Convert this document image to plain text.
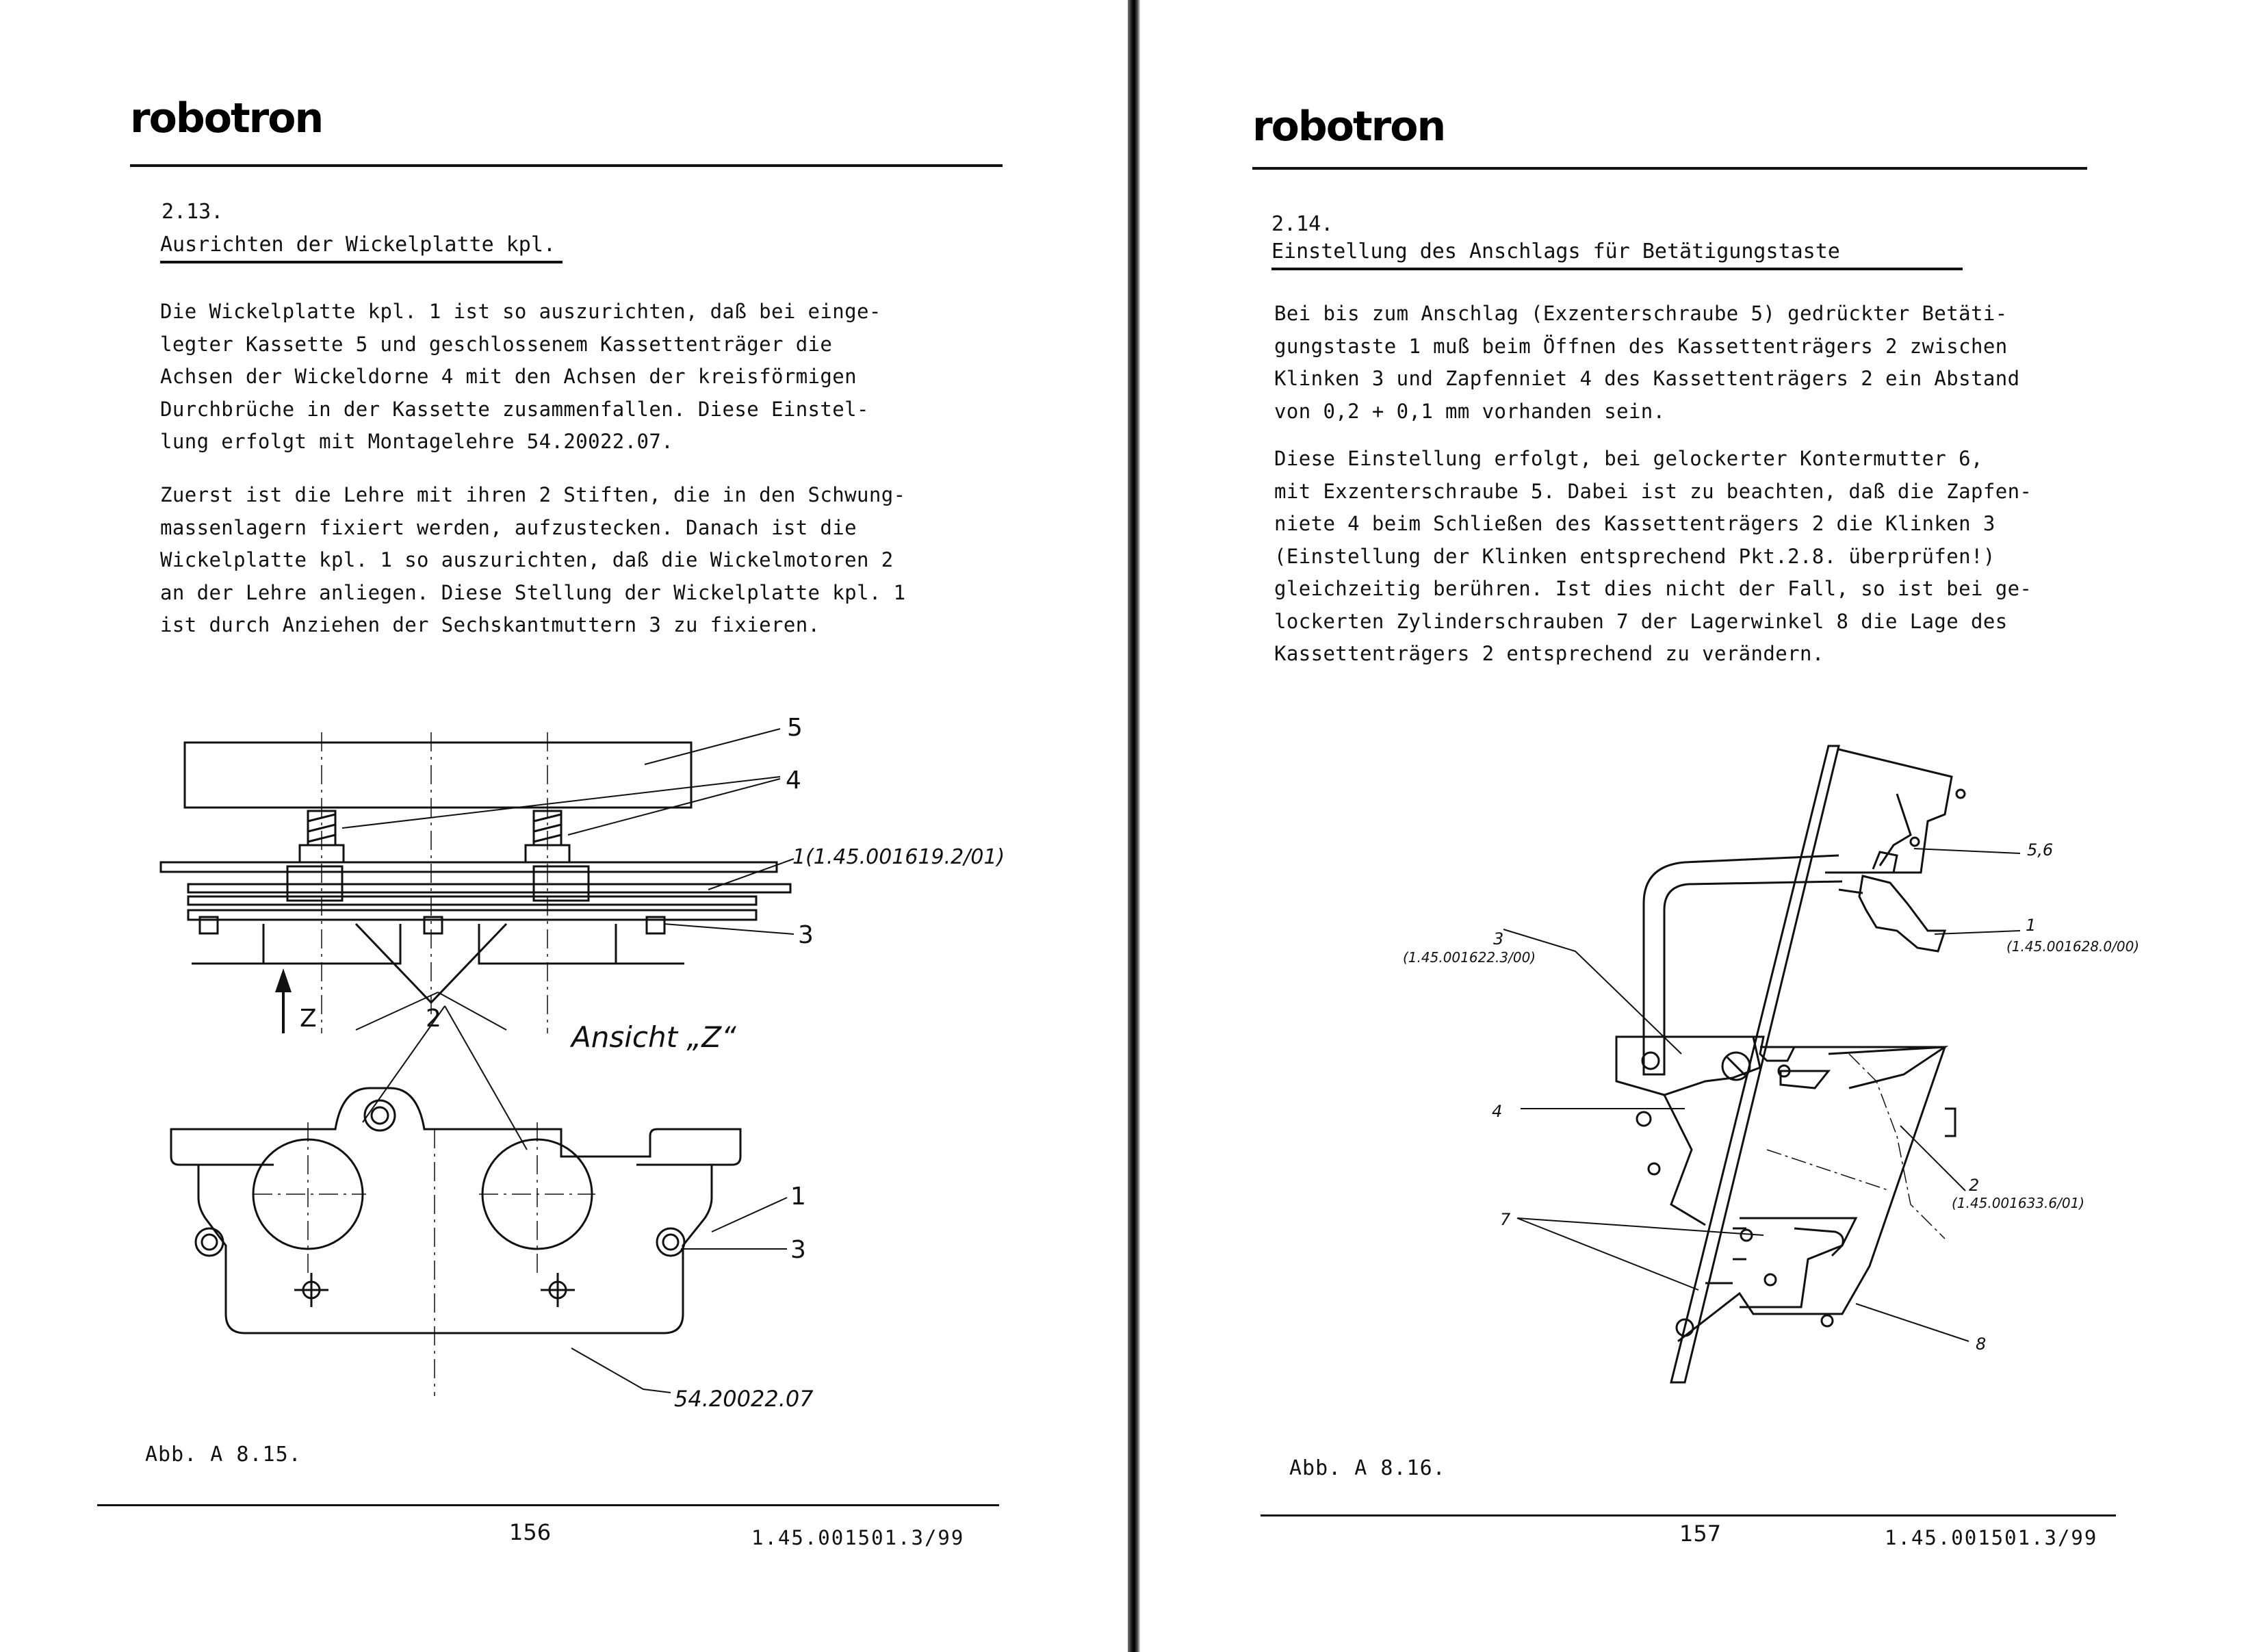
robotron
2.13.
Ausrichten der Wickelplatte kpl.

Die Wickelplatte kpl. 1 ist so auszurichten, daß bei einge-
legter Kassette 5 und geschlossenem Kassettenträger die
Achsen der Wickeldorne 4 mit den Achsen der kreisförmigen
Durchbrüche in der Kassette zusammenfallen. Diese Einstel-
lung erfolgt mit Montagelehre 54.20022.07.

Zuerst ist die Lehre mit ihren 2 Stiften, die in den Schwung-
massenlagern fixiert werden, aufzustecken. Danach ist die
Wickelplatte kpl. 1 so auszurichten, daß die Wickelmotoren 2
an der Lehre anliegen. Diese Stellung der Wickelplatte kpl. 1
ist durch Anziehen der Sechskantmuttern 3 zu fixieren.

5
4
1(1.45.001619.2/01)
3
Z	2
Ansicht „Z“
1
3
54.20022.07
Abb. A 8.15.
156	1.45.001501.3/99
robotron
2.14.
Einstellung des Anschlags für Betätigungstaste

Bei bis zum Anschlag (Exzenterschraube 5) gedrückter Betäti-
gungstaste 1 muß beim Öffnen des Kassettenträgers 2 zwischen
Klinken 3 und Zapfenniet 4 des Kassettenträgers 2 ein Abstand
von 0,2 + 0,1 mm vorhanden sein.

Diese Einstellung erfolgt, bei gelockerter Kontermutter 6,
mit Exzenterschraube 5. Dabei ist zu beachten, daß die Zapfen-
niete 4 beim Schließen des Kassettenträgers 2 die Klinken 3
(Einstellung der Klinken entsprechend Pkt.2.8. überprüfen!)
gleichzeitig berühren. Ist dies nicht der Fall, so ist bei ge-
lockerten Zylinderschrauben 7 der Lagerwinkel 8 die Lage des
Kassettenträgers 2 entsprechend zu verändern.

5,6
1
(1.45.001628.0/00)
3
(1.45.001622.3/00)
4
2
(1.45.001633.6/01)
7
8
Abb. A 8.16.
157	1.45.001501.3/99
